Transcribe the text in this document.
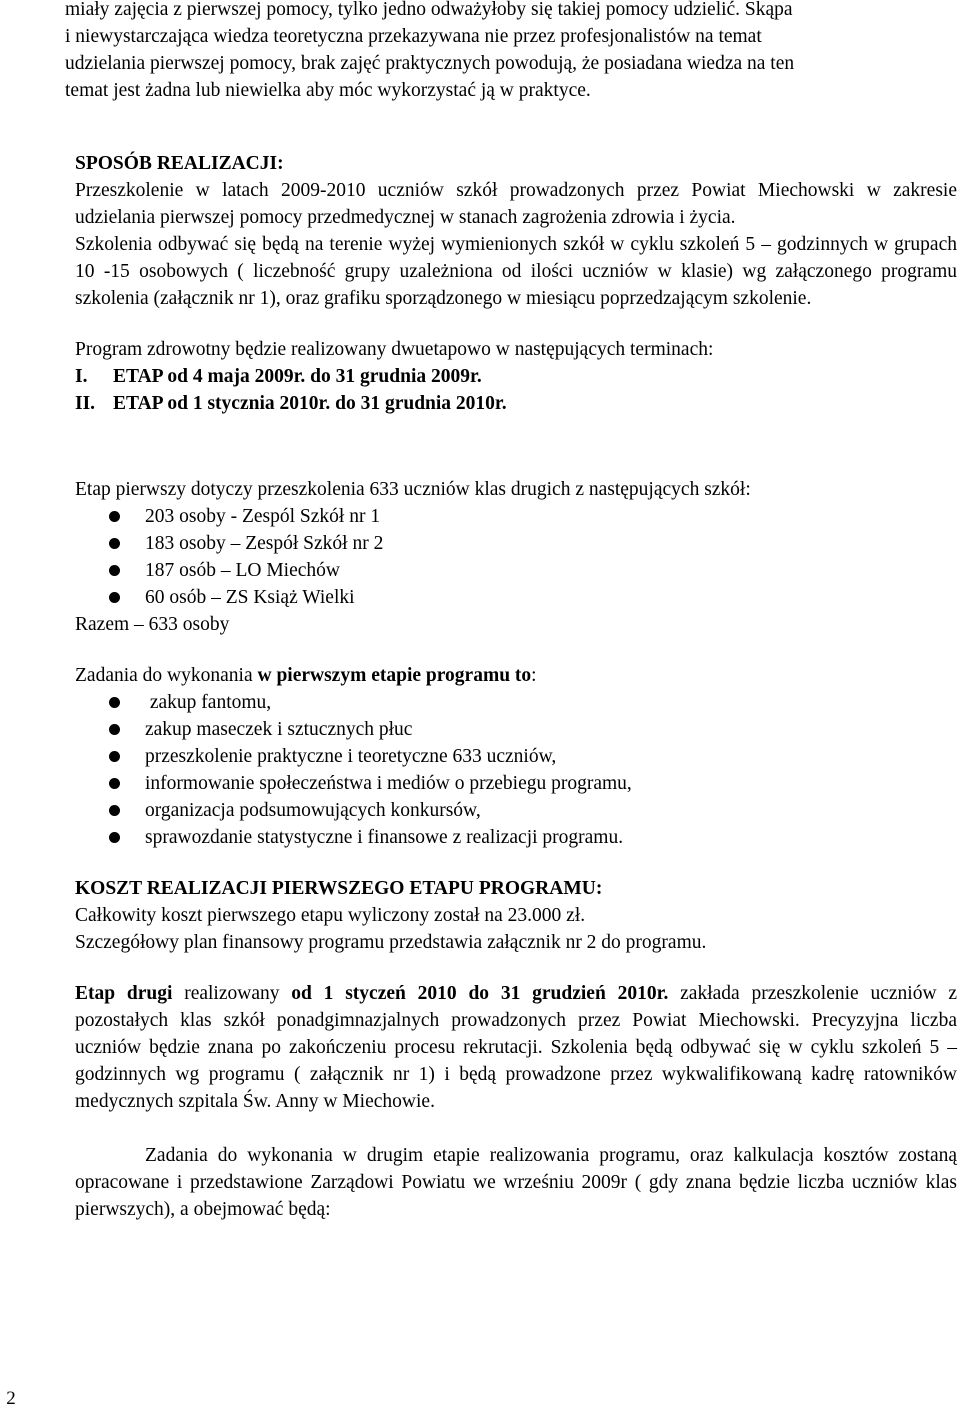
miały zajęcia z pierwszej pomocy, tylko jedno odważyłoby się takiej pomocy udzielić. Skąpa

i niewystarczająca wiedza teoretyczna przekazywana nie przez profesjonalistów na temat

udzielania pierwszej pomocy, brak zajęć praktycznych powodują, że posiadana wiedza na ten

temat jest żadna lub niewielka aby móc wykorzystać ją w praktyce.

SPOSÓB REALIZACJI:

Przeszkolenie w latach 2009-2010 uczniów szkół prowadzonych przez Powiat Miechowski w zakresie udzielania pierwszej pomocy przedmedycznej w stanach zagrożenia zdrowia i życia.

Szkolenia odbywać się będą na terenie wyżej wymienionych szkół w cyklu szkoleń 5 – godzinnych w grupach 10 -15 osobowych ( liczebność grupy uzależniona od ilości uczniów w klasie) wg załączonego programu szkolenia (załącznik nr 1), oraz grafiku sporządzonego w miesiącu poprzedzającym szkolenie.

Program zdrowotny będzie realizowany dwuetapowo w następujących terminach:

I.	ETAP od 4 maja 2009r. do 31 grudnia 2009r.
II. ETAP od 1 stycznia 2010r. do 31 grudnia 2010r.

Etap pierwszy dotyczy przeszkolenia 633 uczniów klas drugich z następujących szkół:

203 osoby - Zespól Szkół nr 1
183 osoby – Zespół Szkół nr 2
187 osób – LO Miechów
60 osób – ZS Książ Wielki

Razem – 633 osoby

Zadania do wykonania w pierwszym etapie programu to:

zakup fantomu,
zakup maseczek i sztucznych płuc
przeszkolenie praktyczne i teoretyczne 633 uczniów,
informowanie społeczeństwa i mediów o przebiegu programu,
organizacja podsumowujących konkursów,
sprawozdanie statystyczne i finansowe z realizacji programu.

KOSZT REALIZACJI PIERWSZEGO ETAPU PROGRAMU:

Całkowity koszt pierwszego etapu wyliczony został na 23.000 zł.

Szczegółowy plan finansowy programu przedstawia załącznik nr 2 do programu.

Etap drugi realizowany od 1 styczeń 2010 do 31 grudzień 2010r. zakłada przeszkolenie uczniów z pozostałych klas szkół ponadgimnazjalnych prowadzonych przez Powiat Miechowski. Precyzyjna liczba uczniów będzie znana po zakończeniu procesu rekrutacji. Szkolenia będą odbywać się w cyklu szkoleń 5 – godzinnych wg programu ( załącznik nr 1) i będą prowadzone przez wykwalifikowaną kadrę ratowników medycznych szpitala Św. Anny w Miechowie.

Zadania do wykonania w drugim etapie realizowania programu, oraz kalkulacja kosztów zostaną opracowane i przedstawione Zarządowi Powiatu we wrześniu 2009r ( gdy znana będzie liczba uczniów klas pierwszych), a obejmować będą:

2
